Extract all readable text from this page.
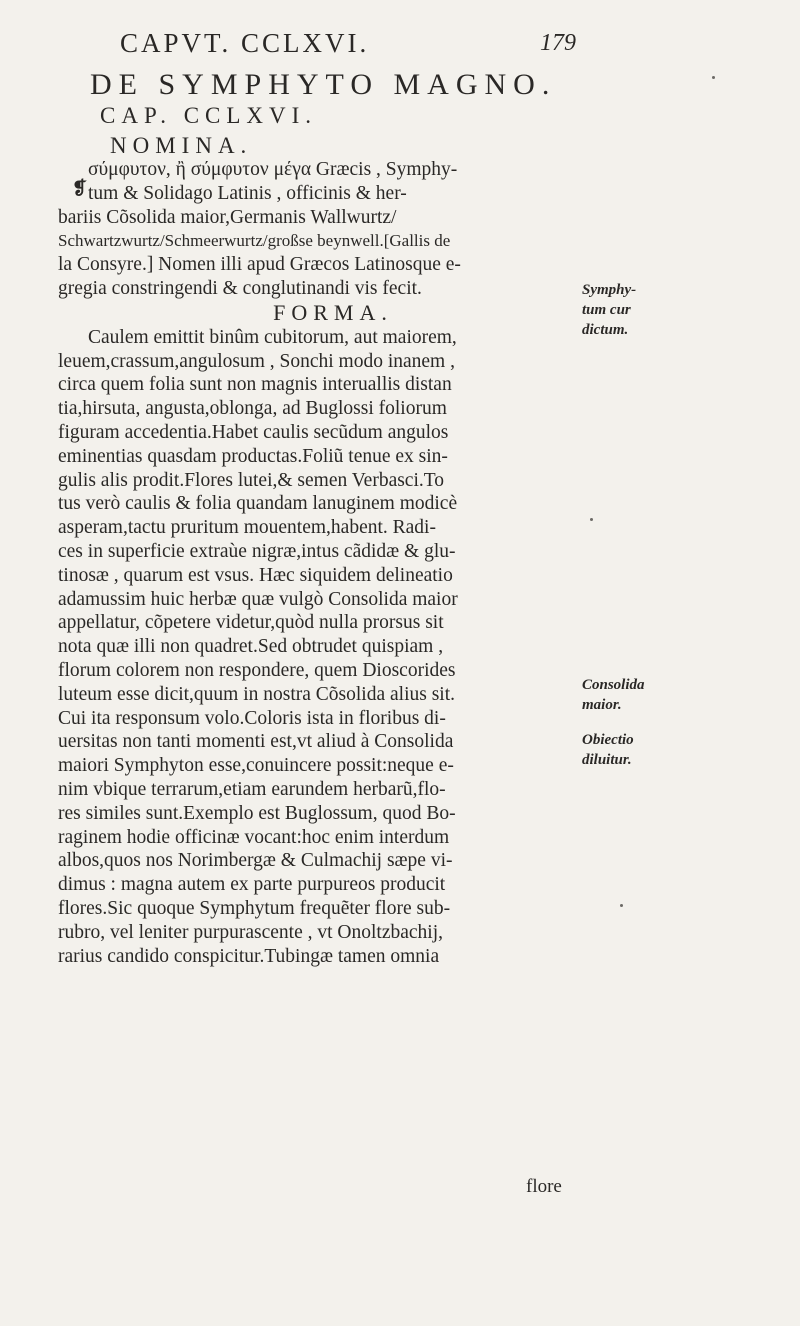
CAPVT. CCLXVI.	179
DE SYMPHYTO MAGNO.
CAP. CCLXVI.
NOMINA.
❡
σύμφυτον, ἢ σύμφυτον μέγα Græcis , Symphy-
tum & Solidago Latinis , officinis & her-
bariis Cõsolida maior,Germanis Wallwurtz/
Schwartzwurtz/Schmeerwurtz/großse beynwell.[Gallis de
la Consyre.] Nomen illi apud Græcos Latinosque e-
gregia constringendi & conglutinandi vis fecit.
FORMA.
Caulem emittit binûm cubitorum, aut maiorem,
leuem,crassum,angulosum , Sonchi modo inanem ,
circa quem folia sunt non magnis interuallis distan
tia,hirsuta, angusta,oblonga, ad Buglossi foliorum
figuram accedentia.Habet caulis secũdum angulos
eminentias quasdam productas.Foliũ tenue ex sin-
gulis alis prodit.Flores lutei,& semen Verbasci.To
tus verò caulis & folia quandam lanuginem modicè
asperam,tactu pruritum mouentem,habent. Radi-
ces in superficie extraùe nigræ,intus cãdidæ & glu-
tinosæ , quarum est vsus. Hæc siquidem delineatio
adamussim huic herbæ quæ vulgò Consolida maior
appellatur, cõpetere videtur,quòd nulla prorsus sit
nota quæ illi non quadret.Sed obtrudet quispiam ,
florum colorem non respondere, quem Dioscorides
luteum esse dicit,quum in nostra Cõsolida alius sit.
Cui ita responsum volo.Coloris ista in floribus di-
uersitas non tanti momenti est,vt aliud à Consolida
maiori Symphyton esse,conuincere possit:neque e-
nim vbique terrarum,etiam earundem herbarũ,flo-
res similes sunt.Exemplo est Buglossum, quod Bo-
raginem hodie officinæ vocant:hoc enim interdum
albos,quos nos Norimbergæ & Culmachij sæpe vi-
dimus : magna autem ex parte purpureos producit
flores.Sic quoque Symphytum frequẽter flore sub-
rubro, vel leniter purpurascente , vt Onoltzbachij,
rarius candido conspicitur.Tubingæ tamen omnia
flore
Symphy-
tum cur
dictum.
Consolida
maior.
Obiectio
diluitur.
